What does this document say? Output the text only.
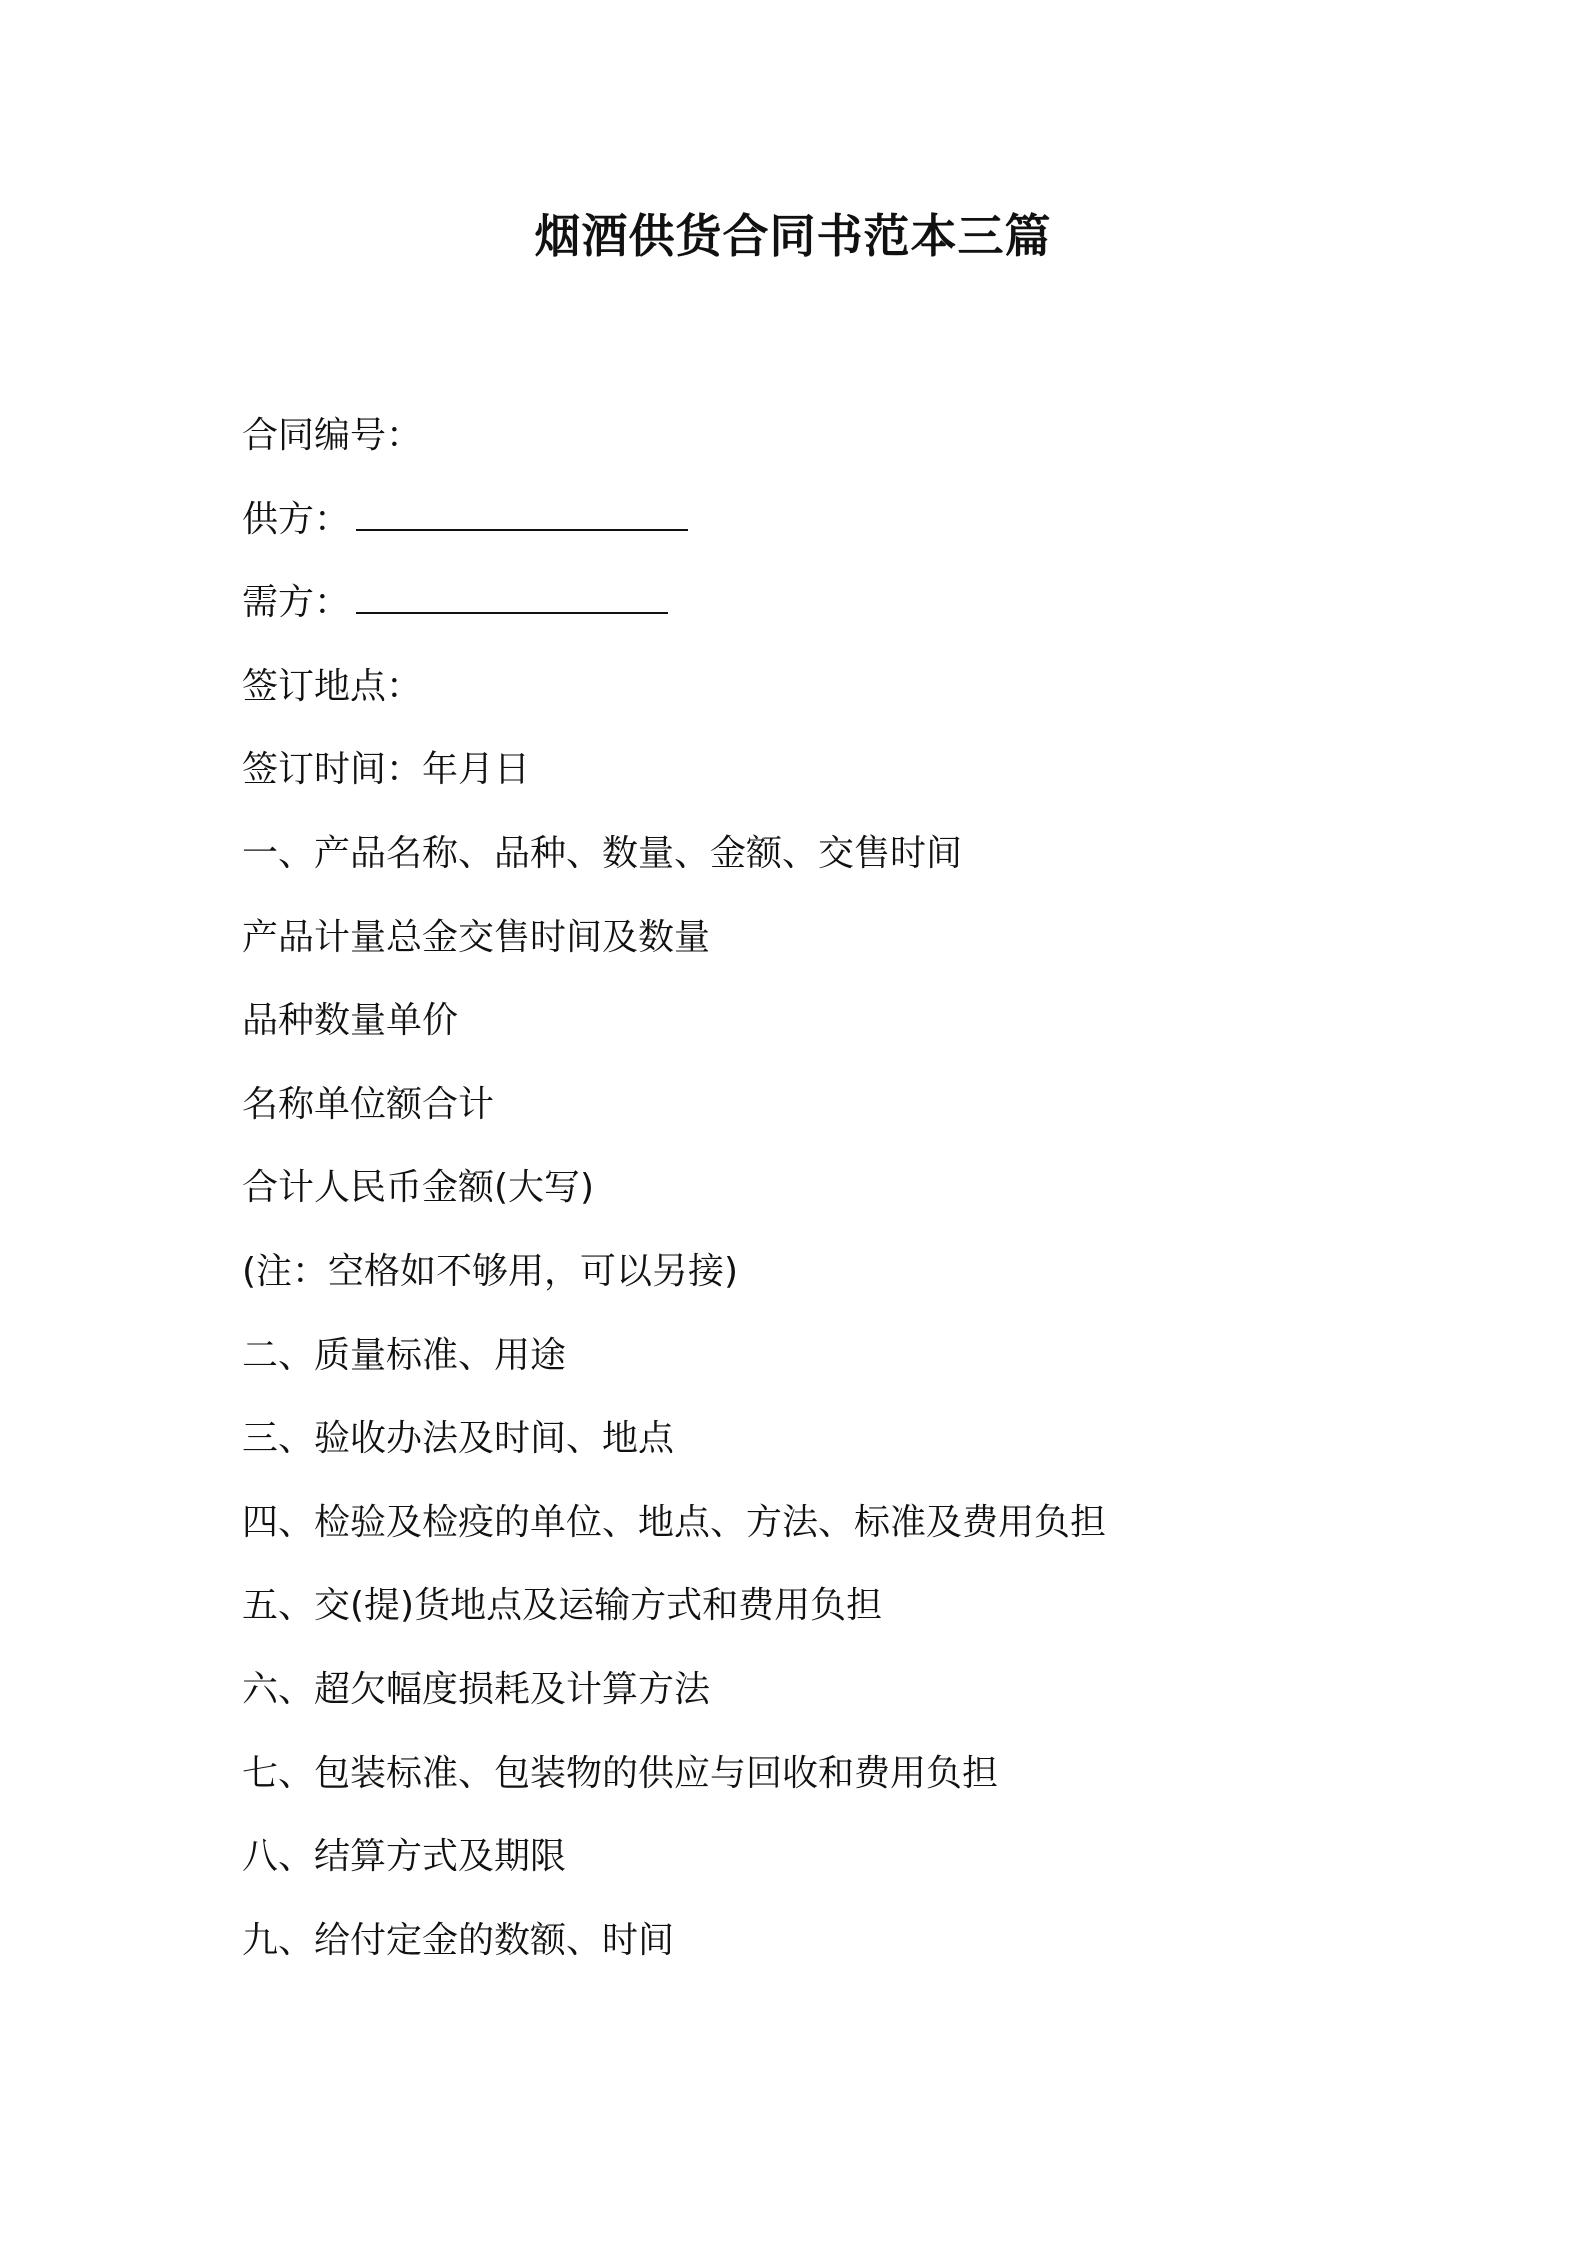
烟酒供货合同书范本三篇
合同编号：
供方：
需方：
签订地点：
签订时间：年月日
一、产品名称、品种、数量、金额、交售时间
产品计量总金交售时间及数量
品种数量单价
名称单位额合计
合计人民币金额(大写)
(注：空格如不够用，可以另接)
二、质量标准、用途
三、验收办法及时间、地点
四、检验及检疫的单位、地点、方法、标准及费用负担
五、交(提)货地点及运输方式和费用负担
六、超欠幅度损耗及计算方法
七、包装标准、包装物的供应与回收和费用负担
八、结算方式及期限
九、给付定金的数额、时间
